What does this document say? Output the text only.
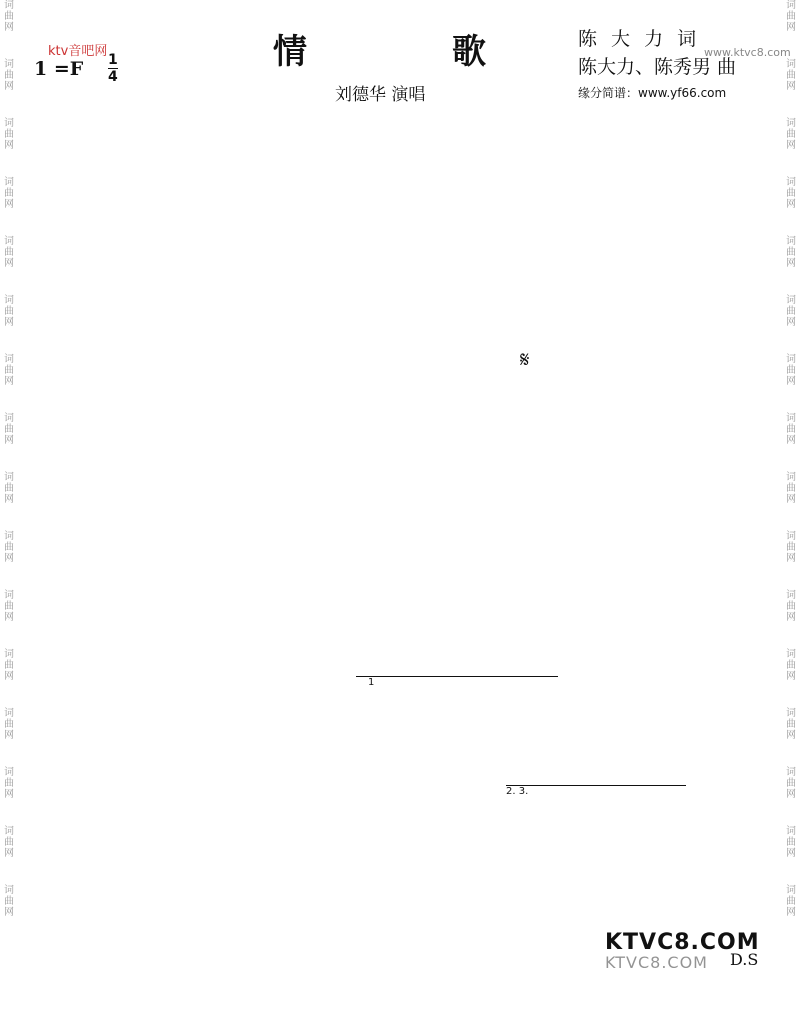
词
曲
网
词
曲
网
词
曲
网
词
曲
网
词
曲
网
词
曲
网
词
曲
网
词
曲
网
词
曲
网
词
曲
网
词
曲
网
词
曲
网
词
曲
网
词
曲
网
词
曲
网
词
曲
网
词
曲
网
词
曲
网
词
曲
网
词
曲
网
词
曲
网
词
曲
网
词
曲
网
词
曲
网
词
曲
网
词
曲
网
词
曲
网
词
曲
网
词
曲
网
词
曲
网
词
曲
网
词
曲
网
ktv音吧网
1 =F 1
4
情	歌
刘德华 演唱
陈 大 力 词
陈大力、陈秀男 曲
缘分简谱：www.yf66.com
www.ktvc8.com
𝄋
D.S
1
2. 3.
KTVC8.COM
KTVC8.COM
